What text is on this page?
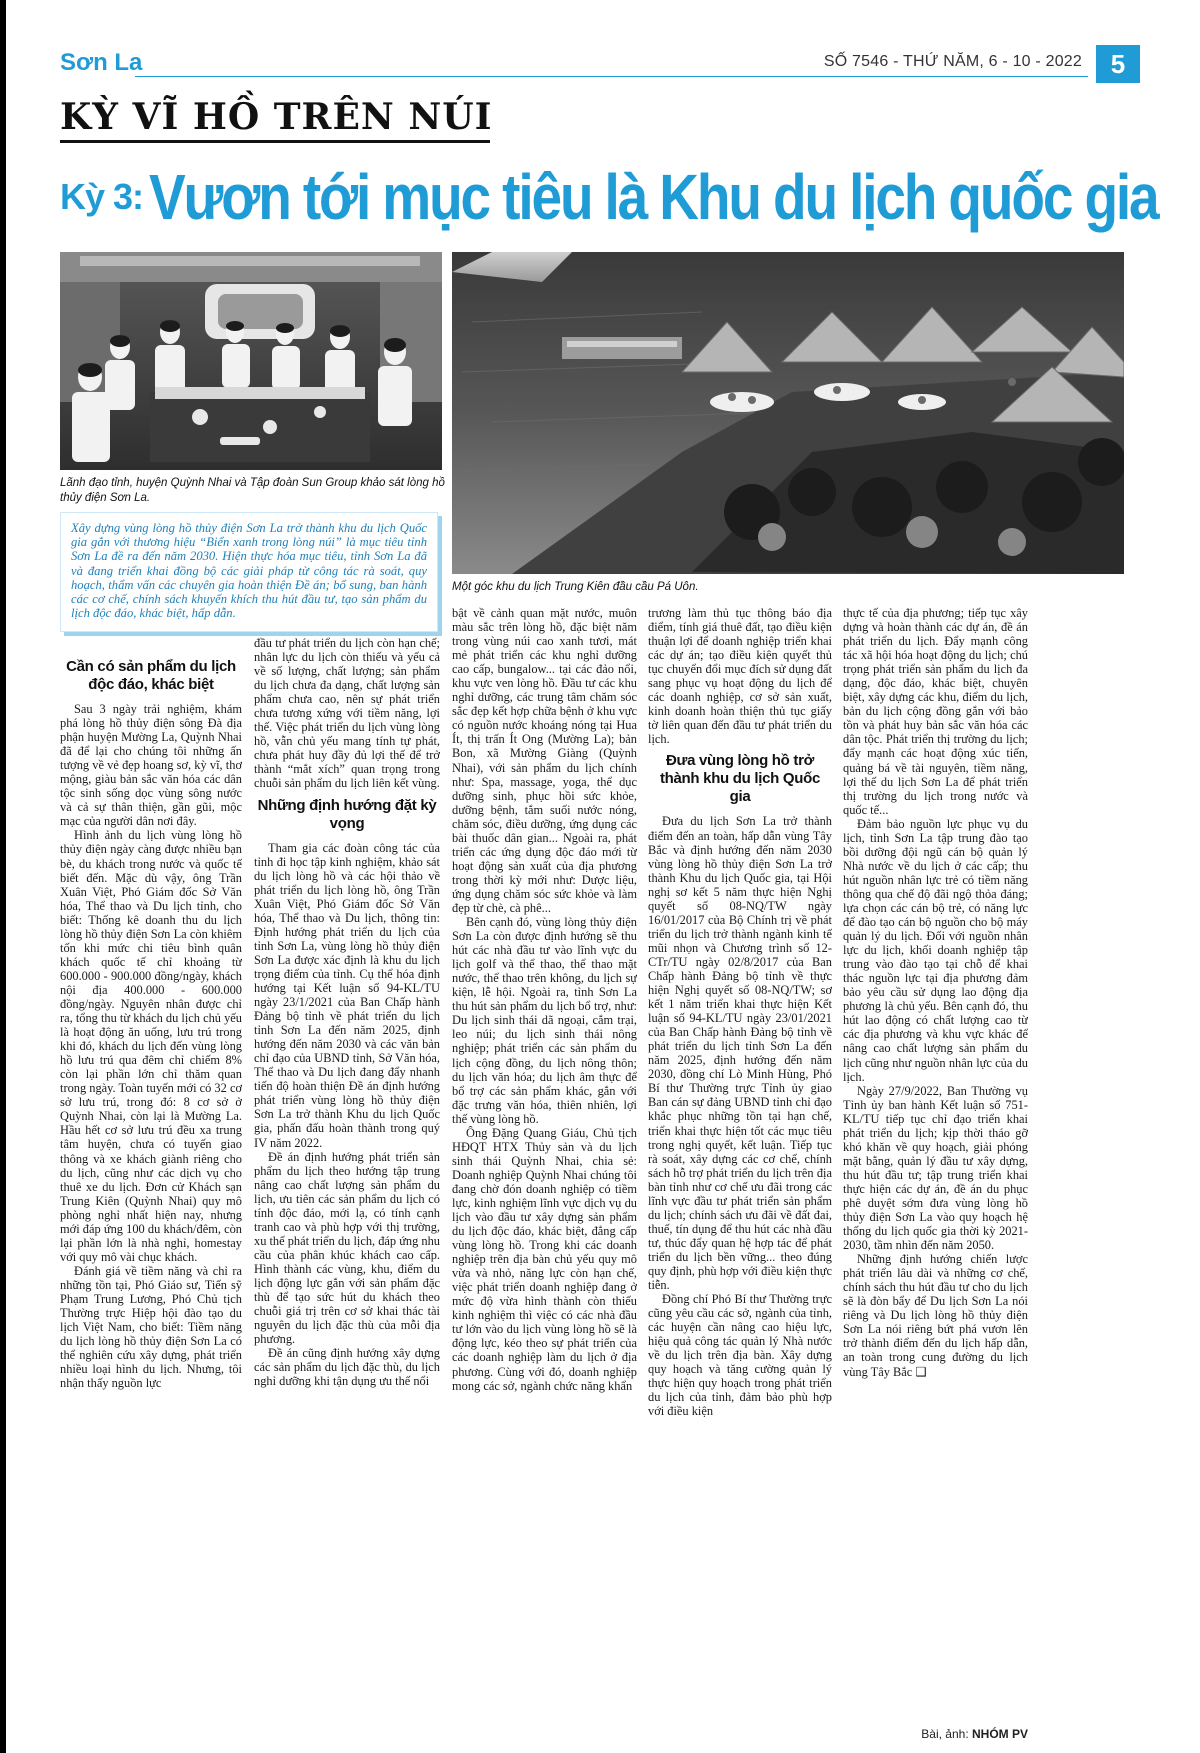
Sơn La	SỐ 7546 - THỨ NĂM, 6 - 10 - 2022	5
KỲ VĨ HỒ TRÊN NÚI
Kỳ 3:Vươn tới mục tiêu là Khu du lịch quốc gia
Lãnh đạo tỉnh, huyện Quỳnh Nhai và Tập đoàn Sun Group khảo sát lòng hồ thủy điện Sơn La.
Một góc khu du lịch Trung Kiên đầu cầu Pá Uôn.

Xây dựng vùng lòng hồ thủy điện Sơn La trở thành khu du lịch Quốc gia gắn với thương hiệu “Biển xanh trong lòng núi” là mục tiêu tỉnh Sơn La đề ra đến năm 2030. Hiện thực hóa mục tiêu, tỉnh Sơn La đã và đang triển khai đồng bộ các giải pháp từ công tác rà soát, quy hoạch, thẩm vấn các chuyên gia hoàn thiện Đề án; bổ sung, ban hành các cơ chế, chính sách khuyến khích thu hút đầu tư, tạo sản phẩm du lịch độc đáo, khác biệt, hấp dẫn.

Cần có sản phẩm du lịch độc đáo, khác biệt

Sau 3 ngày trải nghiệm, khám phá lòng hồ thủy điện sông Đà địa phận huyện Mường La, Quỳnh Nhai đã để lại cho chúng tôi những ấn tượng về vẻ đẹp hoang sơ, kỳ vĩ, thơ mộng, giàu bản sắc văn hóa các dân tộc sinh sống dọc vùng sông nước và cả sự thân thiện, gần gũi, mộc mạc của người dân nơi đây.

Hình ảnh du lịch vùng lòng hồ thủy điện ngày càng được nhiều bạn bè, du khách trong nước và quốc tế biết đến. Mặc dù vậy, ông Trần Xuân Việt, Phó Giám đốc Sở Văn hóa, Thể thao và Du lịch tỉnh, cho biết: Thống kê doanh thu du lịch lòng hồ thủy điện Sơn La còn khiêm tốn khi mức chi tiêu bình quân khách quốc tế chỉ khoảng từ 600.000 - 900.000 đồng/ngày, khách nội địa 400.000 - 600.000 đồng/ngày. Nguyên nhân được chỉ ra, tổng thu từ khách du lịch chủ yếu là hoạt động ăn uống, lưu trú trong khi đó, khách du lịch đến vùng lòng hồ lưu trú qua đêm chỉ chiếm 8% còn lại phần lớn chỉ thăm quan trong ngày. Toàn tuyến mới có 32 cơ sở lưu trú, trong đó: 8 cơ sở ở Quỳnh Nhai, còn lại là Mường La. Hầu hết cơ sở lưu trú đều xa trung tâm huyện, chưa có tuyến giao thông và xe khách giành riêng cho du lịch, cũng như các dịch vụ cho thuê xe du lịch. Đơn cử Khách sạn Trung Kiên (Quỳnh Nhai) quy mô phòng nghỉ nhất hiện nay, nhưng mới đáp ứng 100 du khách/đêm, còn lại phần lớn là nhà nghỉ, homestay với quy mô vài chục khách.

Đánh giá về tiềm năng và chỉ ra những tồn tại, Phó Giáo sư, Tiến sỹ Phạm Trung Lương, Phó Chủ tịch Thường trực Hiệp hội đào tạo du lịch Việt Nam, cho biết: Tiềm năng du lịch lòng hồ thủy điện Sơn La có thể nghiên cứu xây dựng, phát triển nhiều loại hình du lịch. Nhưng, tôi nhận thấy nguồn lực

đầu tư phát triển du lịch còn hạn chế; nhân lực du lịch còn thiếu và yếu cả về số lượng, chất lượng; sản phẩm du lịch chưa đa dạng, chất lượng sản phẩm chưa cao, nên sự phát triển chưa tương xứng với tiềm năng, lợi thế. Việc phát triển du lịch vùng lòng hồ, vẫn chủ yếu mang tính tự phát, chưa phát huy đầy đủ lợi thế để trở thành “mắt xích” quan trọng trong chuỗi sản phẩm du lịch liên kết vùng.

Những định hướng đặt kỳ vọng

Tham gia các đoàn công tác của tỉnh đi học tập kinh nghiệm, khảo sát du lịch lòng hồ và các hội thảo về phát triển du lịch lòng hồ, ông Trần Xuân Việt, Phó Giám đốc Sở Văn hóa, Thể thao và Du lịch, thông tin: Định hướng phát triển du lịch của tỉnh Sơn La, vùng lòng hồ thủy điện Sơn La được xác định là khu du lịch trọng điểm của tỉnh. Cụ thể hóa định hướng tại Kết luận số 94-KL/TU ngày 23/1/2021 của Ban Chấp hành Đảng bộ tỉnh về phát triển du lịch tỉnh Sơn La đến năm 2025, định hướng đến năm 2030 và các văn bản chỉ đạo của UBND tỉnh, Sở Văn hóa, Thể thao và Du lịch đang đẩy nhanh tiến độ hoàn thiện Đề án định hướng phát triển vùng lòng hồ thủy điện Sơn La trở thành Khu du lịch Quốc gia, phấn đấu hoàn thành trong quý IV năm 2022.

Đề án định hướng phát triển sản phẩm du lịch theo hướng tập trung nâng cao chất lượng sản phẩm du lịch, ưu tiên các sản phẩm du lịch có tính độc đáo, mới lạ, có tính cạnh tranh cao và phù hợp với thị trường, xu thế phát triển du lịch, đáp ứng nhu cầu của phân khúc khách cao cấp. Hình thành các vùng, khu, điểm du lịch động lực gắn với sản phẩm đặc thù để tạo sức hút du khách theo chuỗi giá trị trên cơ sở khai thác tài nguyên du lịch đặc thù của mỗi địa phương.

Đề án cũng định hướng xây dựng các sản phẩm du lịch đặc thù, du lịch nghỉ dưỡng khi tận dụng ưu thế nổi

bật về cảnh quan mặt nước, muôn màu sắc trên lòng hồ, đặc biệt năm trong vùng núi cao xanh tươi, mát mẻ phát triển các khu nghỉ dưỡng cao cấp, bungalow... tại các đảo nổi, khu vực ven lòng hồ. Đầu tư các khu nghỉ dưỡng, các trung tâm chăm sóc sắc đẹp kết hợp chữa bệnh ở khu vực có nguồn nước khoáng nóng tại Hua Ít, thị trấn Ít Ong (Mường La); bản Bon, xã Mường Giàng (Quỳnh Nhai), với sản phẩm du lịch chính như: Spa, massage, yoga, thể dục dưỡng sinh, phục hồi sức khỏe, dưỡng bệnh, tắm suối nước nóng, chăm sóc, điều dưỡng, ứng dụng các bài thuốc dân gian... Ngoài ra, phát triển các ứng dụng độc đáo mới từ hoạt động sản xuất của địa phương trong thời kỳ mới như: Dược liệu, ứng dụng chăm sóc sức khỏe và làm đẹp từ chè, cà phê...

Bên cạnh đó, vùng lòng thủy điện Sơn La còn được định hướng sẽ thu hút các nhà đầu tư vào lĩnh vực du lịch golf và thể thao, thể thao mặt nước, thể thao trên không, du lịch sự kiện, lễ hội. Ngoài ra, tỉnh Sơn La thu hút sản phẩm du lịch bổ trợ, như: Du lịch sinh thái dã ngoại, cắm trại, leo núi; du lịch sinh thái nông nghiệp; phát triển các sản phẩm du lịch cộng đồng, du lịch nông thôn; du lịch văn hóa; du lịch âm thực để bổ trợ các sản phẩm khác, gắn với đặc trưng văn hóa, thiên nhiên, lợi thế vùng lòng hồ.

Ông Đặng Quang Giáu, Chủ tịch HĐQT HTX Thủy sản và du lịch sinh thái Quỳnh Nhai, chia sẻ: Doanh nghiệp Quỳnh Nhai chúng tôi đang chờ đón doanh nghiệp có tiềm lực, kinh nghiệm lĩnh vực dịch vụ du lịch vào đầu tư xây dựng sản phẩm du lịch độc đáo, khác biệt, đẳng cấp vùng lòng hồ. Trong khi các doanh nghiệp trên địa bàn chủ yếu quy mô vừa và nhỏ, năng lực còn hạn chế, việc phát triển doanh nghiệp đang ở mức độ vừa hình thành còn thiếu kinh nghiệm thì việc có các nhà đầu tư lớn vào du lịch vùng lòng hồ sẽ là động lực, kéo theo sự phát triển của các doanh nghiệp làm du lịch ở địa phương. Cùng với đó, doanh nghiệp mong các sở, ngành chức năng khẩn

trương làm thủ tục thông báo địa điểm, tính giá thuê đất, tạo điều kiện thuận lợi để doanh nghiệp triển khai các dự án; tạo điều kiện quyết thủ tục chuyển đổi mục đích sử dụng đất sang phục vụ hoạt động du lịch để các doanh nghiệp, cơ sở sản xuất, kinh doanh hoàn thiện thủ tục giấy tờ liên quan đến đầu tư phát triển du lịch.

Đưa vùng lòng hồ trở thành khu du lịch Quốc gia

Đưa du lịch Sơn La trở thành điểm đến an toàn, hấp dẫn vùng Tây Bắc và định hướng đến năm 2030 vùng lòng hồ thủy điện Sơn La trở thành Khu du lịch Quốc gia, tại Hội nghị sơ kết 5 năm thực hiện Nghị quyết số 08-NQ/TW ngày 16/01/2017 của Bộ Chính trị về phát triển du lịch trở thành ngành kinh tế mũi nhọn và Chương trình số 12-CTr/TU ngày 02/8/2017 của Ban Chấp hành Đảng bộ tỉnh về thực hiện Nghị quyết số 08-NQ/TW; sơ kết 1 năm triển khai thực hiện Kết luận số 94-KL/TU ngày 23/01/2021 của Ban Chấp hành Đảng bộ tỉnh về phát triển du lịch tỉnh Sơn La đến năm 2025, định hướng đến năm 2030, đồng chí Lò Minh Hùng, Phó Bí thư Thường trực Tỉnh ủy giao Ban cán sự đảng UBND tỉnh chỉ đạo khắc phục những tồn tại hạn chế, triển khai thực hiện tốt các mục tiêu trong nghị quyết, kết luận. Tiếp tục rà soát, xây dựng các cơ chế, chính sách hỗ trợ phát triển du lịch trên địa bàn tỉnh như cơ chế ưu đãi trong các lĩnh vực đầu tư phát triển sản phẩm du lịch; chính sách ưu đãi về đất đai, thuế, tín dụng để thu hút các nhà đầu tư, thúc đẩy quan hệ hợp tác để phát triển du lịch bền vững... theo đúng quy định, phù hợp với điều kiện thực tiễn.

Đồng chí Phó Bí thư Thường trực cũng yêu cầu các sở, ngành của tỉnh, các huyện cần nâng cao hiệu lực, hiệu quả công tác quản lý Nhà nước về du lịch trên địa bàn. Xây dựng quy hoạch và tăng cường quản lý thực hiện quy hoạch trong phát triển du lịch của tỉnh, đảm bảo phù hợp với điều kiện

thực tế của địa phương; tiếp tục xây dựng và hoàn thành các dự án, đề án phát triển du lịch. Đẩy mạnh công tác xã hội hóa hoạt động du lịch; chú trọng phát triển sản phẩm du lịch đa dạng, độc đáo, khác biệt, chuyên biệt, xây dựng các khu, điểm du lịch, bản du lịch cộng đồng gắn với bảo tồn và phát huy bản sắc văn hóa các dân tộc. Phát triển thị trường du lịch; đẩy mạnh các hoạt động xúc tiến, quảng bá về tài nguyên, tiềm năng, lợi thế du lịch Sơn La để phát triển thị trường du lịch trong nước và quốc tế...

Đảm bảo nguồn lực phục vụ du lịch, tỉnh Sơn La tập trung đào tạo bồi dưỡng đội ngũ cán bộ quản lý Nhà nước về du lịch ở các cấp; thu hút nguồn nhân lực trẻ có tiềm năng thông qua chế độ đãi ngộ thỏa đáng; lựa chọn các cán bộ trẻ, có năng lực để đào tạo cán bộ nguồn cho bộ máy quản lý du lịch. Đối với nguồn nhân lực du lịch, khối doanh nghiệp tập trung vào đào tạo tại chỗ để khai thác nguồn lực tại địa phương đảm bảo yêu cầu sử dụng lao động địa phương là chủ yếu. Bên cạnh đó, thu hút lao động có chất lượng cao từ các địa phương và khu vực khác để nâng cao chất lượng sản phẩm du lịch cũng như nguồn nhân lực của du lịch.

Ngày 27/9/2022, Ban Thường vụ Tỉnh ủy ban hành Kết luận số 751-KL/TU tiếp tục chỉ đạo triển khai phát triển du lịch; kịp thời tháo gỡ khó khăn về quy hoạch, giải phóng mặt bằng, quản lý đầu tư xây dựng, thu hút đầu tư; tập trung triển khai thực hiện các dự án, đề án du phục phê duyệt sớm đưa vùng lòng hồ thủy điện Sơn La vào quy hoạch hệ thống du lịch quốc gia thời kỳ 2021-2030, tầm nhìn đến năm 2050.

Những định hướng chiến lược phát triển lâu dài và những cơ chế, chính sách thu hút đầu tư cho du lịch sẽ là đòn bẩy để Du lịch Sơn La nói riêng và Du lịch lòng hồ thủy điện Sơn La nói riêng bứt phá vươn lên trở thành điểm đến du lịch hấp dẫn, an toàn trong cung đường du lịch vùng Tây Bắc ❑

Bài, ảnh: NHÓM PV
